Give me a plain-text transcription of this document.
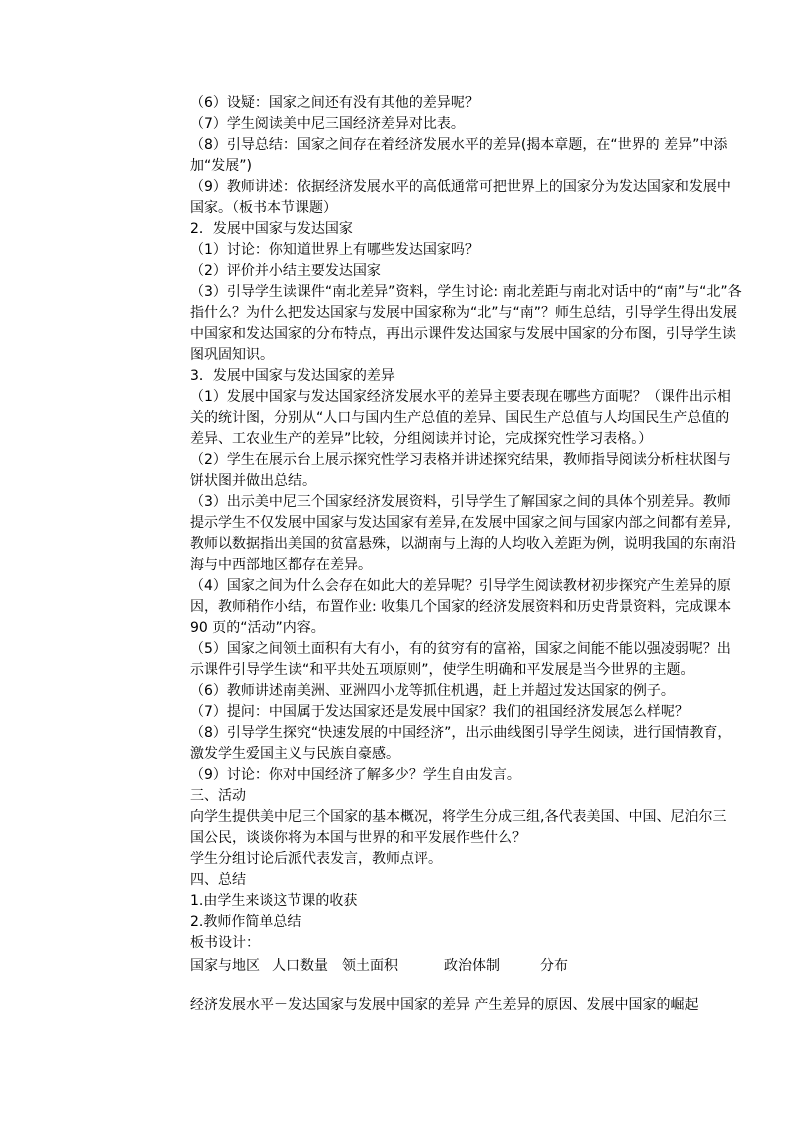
（6）设疑：国家之间还有没有其他的差异呢？
（7）学生阅读美中尼三国经济差异对比表。
（8）引导总结：国家之间存在着经济发展水平的差异(揭本章题，在“世界的 差异”中添
加“发展”)
（9）教师讲述：依据经济发展水平的高低通常可把世界上的国家分为发达国家和发展中
国家。（板书本节课题）
2．发展中国家与发达国家
（1）讨论：你知道世界上有哪些发达国家吗？
（2）评价并小结主要发达国家
（3）引导学生读课件“南北差异”资料，学生讨论: 南北差距与南北对话中的“南”与“北”各
指什么？为什么把发达国家与发展中国家称为“北”与“南”？师生总结，引导学生得出发展
中国家和发达国家的分布特点，再出示课件发达国家与发展中国家的分布图，引导学生读
图巩固知识。
3．发展中国家与发达国家的差异
（1）发展中国家与发达国家经济发展水平的差异主要表现在哪些方面呢？（课件出示相
关的统计图，分别从“人口与国内生产总值的差异、国民生产总值与人均国民生产总值的
差异、工农业生产的差异”比较，分组阅读并讨论，完成探究性学习表格。）
（2）学生在展示台上展示探究性学习表格并讲述探究结果，教师指导阅读分析柱状图与
饼状图并做出总结。
（3）出示美中尼三个国家经济发展资料，引导学生了解国家之间的具体个别差异。教师
提示学生不仅发展中国家与发达国家有差异,在发展中国家之间与国家内部之间都有差异,
教师以数据指出美国的贫富悬殊，以湖南与上海的人均收入差距为例，说明我国的东南沿
海与中西部地区都存在差异。
（4）国家之间为什么会存在如此大的差异呢？引导学生阅读教材初步探究产生差异的原
因，教师稍作小结，布置作业: 收集几个国家的经济发展资料和历史背景资料，完成课本
90 页的“活动”内容。
（5）国家之间领土面积有大有小，有的贫穷有的富裕，国家之间能不能以强凌弱呢？出
示课件引导学生读“和平共处五项原则”，使学生明确和平发展是当今世界的主题。
（6）教师讲述南美洲、亚洲四小龙等抓住机遇，赶上并超过发达国家的例子。
（7）提问：中国属于发达国家还是发展中国家？我们的祖国经济发展怎么样呢？
（8）引导学生探究“快速发展的中国经济”，出示曲线图引导学生阅读，进行国情教育，
激发学生爱国主义与民族自豪感。
（9）讨论：你对中国经济了解多少？学生自由发言。
三、活动
向学生提供美中尼三个国家的基本概况，将学生分成三组,各代表美国、中国、尼泊尔三
国公民，谈谈你将为本国与世界的和平发展作些什么？
学生分组讨论后派代表发言，教师点评。
四、总结
1.由学生来谈这节课的收获
2.教师作简单总结
板书设计：
国家与地区 人口数量	领土面积	政治体制	分布
经济发展水平－发达国家与发展中国家的差异 产生差异的原因、发展中国家的崛起
